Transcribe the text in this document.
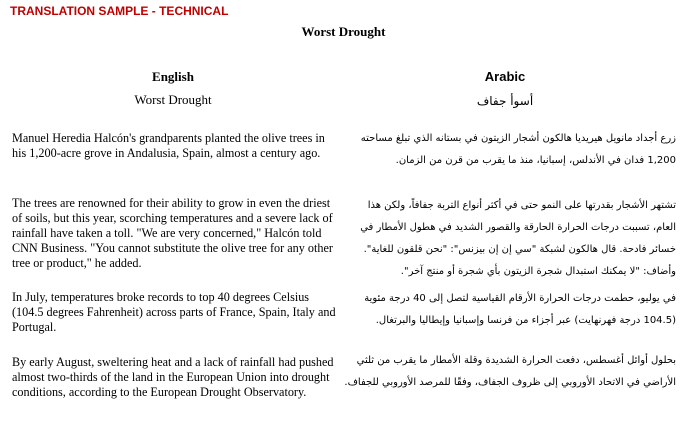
TRANSLATION SAMPLE - TECHNICAL
Worst Drought
English
Worst Drought
Arabic
أسوأ جفاف
Manuel Heredia Halcón's grandparents planted the olive trees in his 1,200-acre grove in Andalusia, Spain, almost a century ago.
زرع أجداد مانويل هيريديا هالكون أشجار الزيتون في بستانه الذي تبلغ مساحته 1,200 فدان في الأندلس، إسبانيا، منذ ما يقرب من قرن من الزمان.
The trees are renowned for their ability to grow in even the driest of soils, but this year, scorching temperatures and a severe lack of rainfall have taken a toll. "We are very concerned," Halcón told CNN Business. "You cannot substitute the olive tree for any other tree or product," he added.
تشتهر الأشجار بقدرتها على النمو حتى في أكثر أنواع التربة جفافاً، ولكن هذا العام، تسببت درجات الحرارة الحارقة والقصور الشديد في هطول الأمطار في خسائر فادحة. قال هالكون لشبكة "سي إن إن بيزنس": "نحن قلقون للغاية". وأضاف: "لا يمكنك استبدال شجرة الزيتون بأي شجرة أو منتج آخر".
In July, temperatures broke records to top 40 degrees Celsius (104.5 degrees Fahrenheit) across parts of France, Spain, Italy and Portugal.
في يوليو، حطمت درجات الحرارة الأرقام القياسية لتصل إلى 40 درجة مئوية (104.5 درجة فهرنهايت) عبر أجزاء من فرنسا وإسبانيا وإيطاليا والبرتغال.
By early August, sweltering heat and a lack of rainfall had pushed almost two-thirds of the land in the European Union into drought conditions, according to the European Drought Observatory.
بحلول أوائل أغسطس، دفعت الحرارة الشديدة وقلة الأمطار ما يقرب من ثلثي الأراضي في الاتحاد الأوروبي إلى ظروف الجفاف، وفقًا للمرصد الأوروبي للجفاف.
